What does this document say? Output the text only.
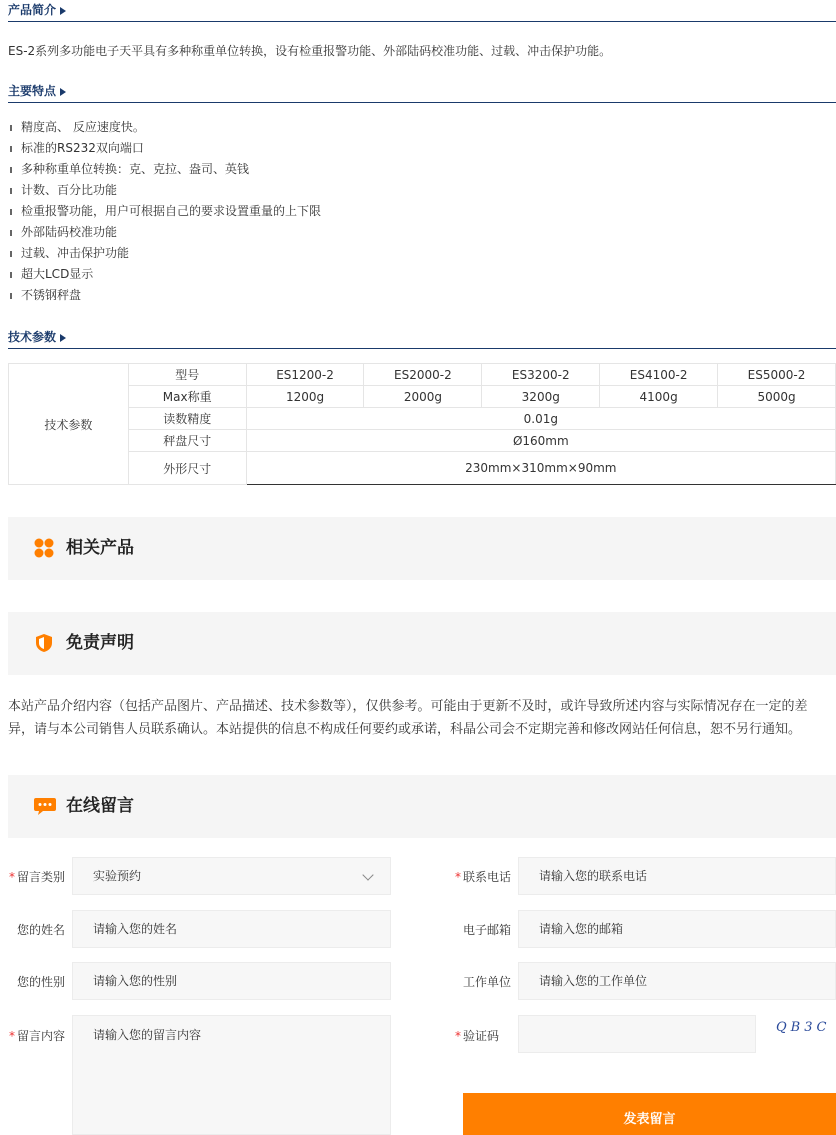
产品简介
ES-2系列多功能电子天平具有多种称重单位转换，设有检重报警功能、外部陆码校准功能、过载、冲击保护功能。
主要特点
精度高、 反应速度快。
标准的RS232双向端口
多种称重单位转换：克、克拉、盎司、英钱
计数、百分比功能
检重报警功能，用户可根据自己的要求设置重量的上下限
外部陆码校准功能
过载、冲击保护功能
超大LCD显示
不锈钢秤盘
技术参数
技术参数	型号	ES1200-2	ES2000-2	ES3200-2	ES4100-2	ES5000-2
	Max称重	1200g	2000g	3200g	4100g	5000g
	读数精度	0.01g				
	秤盘尺寸	Ø160mm				
	外形尺寸	230mm×310mm×90mm				
相关产品
免责声明
本站产品介绍内容（包括产品图片、产品描述、技术参数等），仅供参考。可能由于更新不及时，或许导致所述内容与实际情况存在一定的差异，请与本公司销售人员联系确认。本站提供的信息不构成任何要约或承诺，科晶公司会不定期完善和修改网站任何信息，恕不另行通知。
在线留言
* 留言类别	实验预约
您的姓名	请输入您的姓名
您的性别	请输入您的性别
* 留言内容	请输入您的留言内容
* 联系电话	请输入您的联系电话
电子邮箱	请输入您的邮箱
工作单位	请输入您的工作单位
* 验证码
QB3C
发表留言
